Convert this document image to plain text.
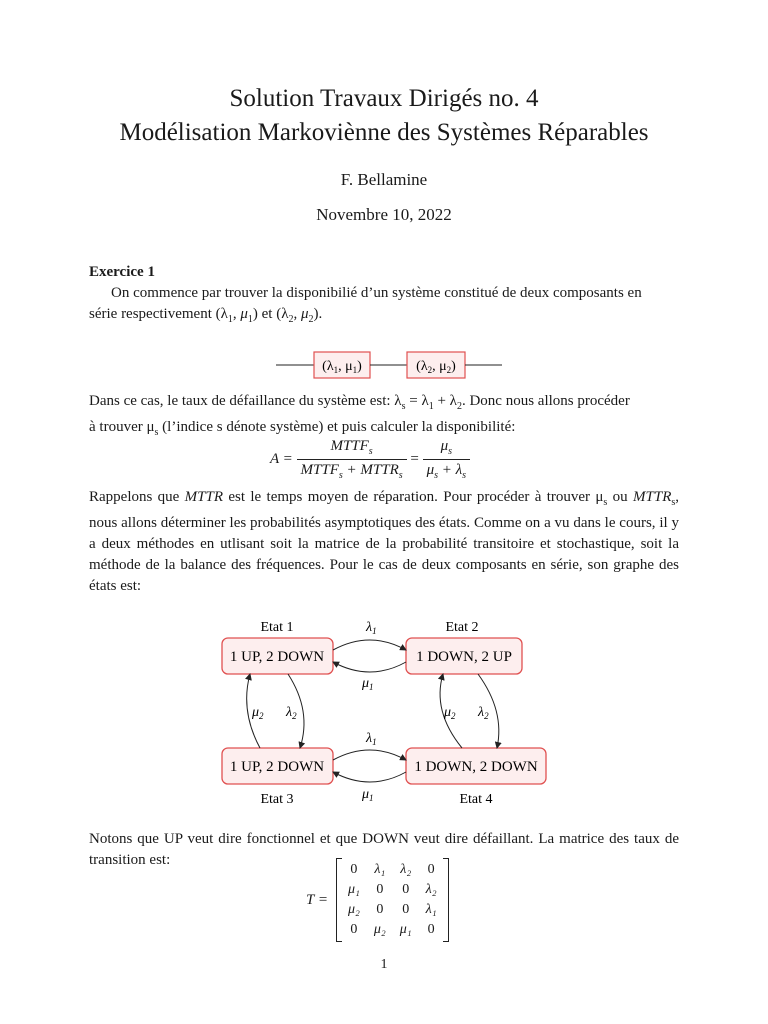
Solution Travaux Dirigés no. 4
Modélisation Markoviènne des Systèmes Réparables
F. Bellamine
Novembre 10, 2022

Exercice 1

On commence par trouver la disponibilié d’un système constitué de deux composants en

série respectivement ($\lambda_1$, $\mu_1$) et ($\lambda_2$, $\mu_2$).

($\lambda_1$, $\mu_1$)	($\lambda_2$, $\mu_2$)

Dans ce cas, le taux de défaillance du système est: $\lambda_s = \lambda_1 + \lambda_2$. Donc nous allons procéder

à trouver $\mu_s$ (l’indice s dénote système) et puis calculer la disponibilité:

$A = \frac{MTTF_s}{MTTF_s + MTTR_s} = \frac{\mu_s}{\mu_s + \lambda_s}$

Rappelons que MTTR est le temps moyen de réparation. Pour procéder à trouver $\mu_s$ ou $MTTR_s$, nous allons déterminer les probabilités asymptotiques des états. Comme on a vu dans le cours, il y a deux méthodes en utlisant soit la matrice de la probabilité transitoire et stochastique, soit la méthode de la balance des fréquences. Pour le cas de deux composants en série, son graphe des états est:

Etat 1	Etat 2
Etat 3	Etat 4
1 UP, 2 DOWN	1 DOWN, 2 UP
1 UP, 2 DOWN	1 DOWN, 2 DOWN
$\lambda_1$
$\mu_1$
$\lambda_1$
$\mu_1$
$\mu_2$ $\lambda_2$	$\mu_2$ $\lambda_2$

Notons que UP veut dire fonctionnel et que DOWN veut dire défaillant. La matrice des taux de transition est:

T =
0	λ₁	λ₂	0
μ₁	0	0	λ₂
μ₂	0	0	λ₁
0	μ₂	μ₁	0
1
